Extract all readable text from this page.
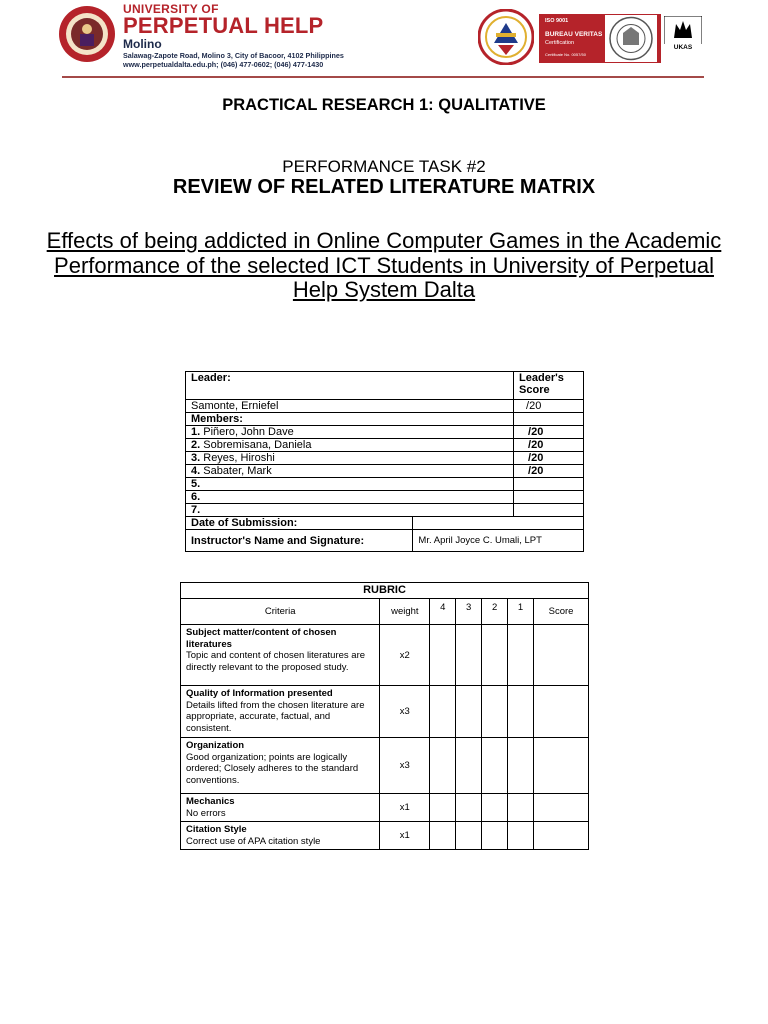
UNIVERSITY OF
PERPETUAL HELP
Molino
Salawag-Zapote Road, Molino 3, City of Bacoor, 4102 Philippines
www.perpetualdalta.edu.ph; (046) 477-0602; (046) 477-1430
ISO 9001
BUREAU VERITAS
Certification
Certificate No. 0057/50
UKAS
PRACTICAL RESEARCH 1: QUALITATIVE
PERFORMANCE TASK #2
REVIEW OF RELATED LITERATURE MATRIX
Effects of being addicted in Online Computer Games in the Academic Performance of the selected ICT Students in University of Perpetual Help System Dalta
Leader:		Leader's Score
Samonte, Erniefel		/20
Members:		
1. Piñero, John Dave		/20
2. Sobremisana, Daniela		/20
3. Reyes, Hiroshi		/20
4. Sabater, Mark		/20
5.		
6.		
7.		
Date of Submission:		
Instructor's Name and Signature:	Mr. April Joyce C. Umali, LPT	
RUBRIC						
Criteria	weight	4	3	2	1	Score
Subject matter/content of chosen literatures
Topic and content of chosen literatures are directly relevant to the proposed study.	x2					
Quality of Information presented
Details lifted from the chosen literature are appropriate, accurate, factual, and consistent.	x3					
Organization
Good organization; points are logically ordered; Closely adheres to the standard conventions.	x3					
Mechanics
No errors	x1					
Citation Style
Correct use of APA citation style	x1					
